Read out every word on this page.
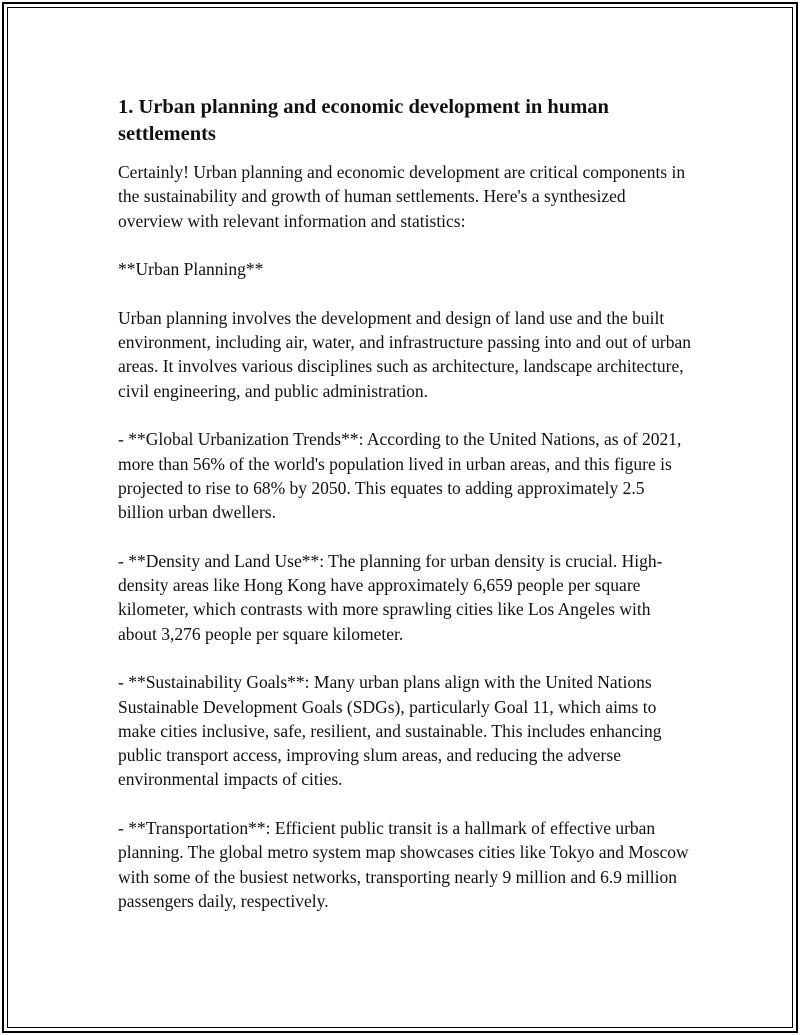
1. Urban planning and economic development in human settlements

Certainly! Urban planning and economic development are critical components in the sustainability and growth of human settlements. Here's a synthesized overview with relevant information and statistics:

**Urban Planning**

Urban planning involves the development and design of land use and the built environment, including air, water, and infrastructure passing into and out of urban areas. It involves various disciplines such as architecture, landscape architecture, civil engineering, and public administration.

- **Global Urbanization Trends**: According to the United Nations, as of 2021, more than 56% of the world's population lived in urban areas, and this figure is projected to rise to 68% by 2050. This equates to adding approximately 2.5 billion urban dwellers.

- **Density and Land Use**: The planning for urban density is crucial. High-density areas like Hong Kong have approximately 6,659 people per square kilometer, which contrasts with more sprawling cities like Los Angeles with about 3,276 people per square kilometer.

- **Sustainability Goals**: Many urban plans align with the United Nations Sustainable Development Goals (SDGs), particularly Goal 11, which aims to make cities inclusive, safe, resilient, and sustainable. This includes enhancing public transport access, improving slum areas, and reducing the adverse environmental impacts of cities.

- **Transportation**: Efficient public transit is a hallmark of effective urban planning. The global metro system map showcases cities like Tokyo and Moscow with some of the busiest networks, transporting nearly 9 million and 6.9 million passengers daily, respectively.
